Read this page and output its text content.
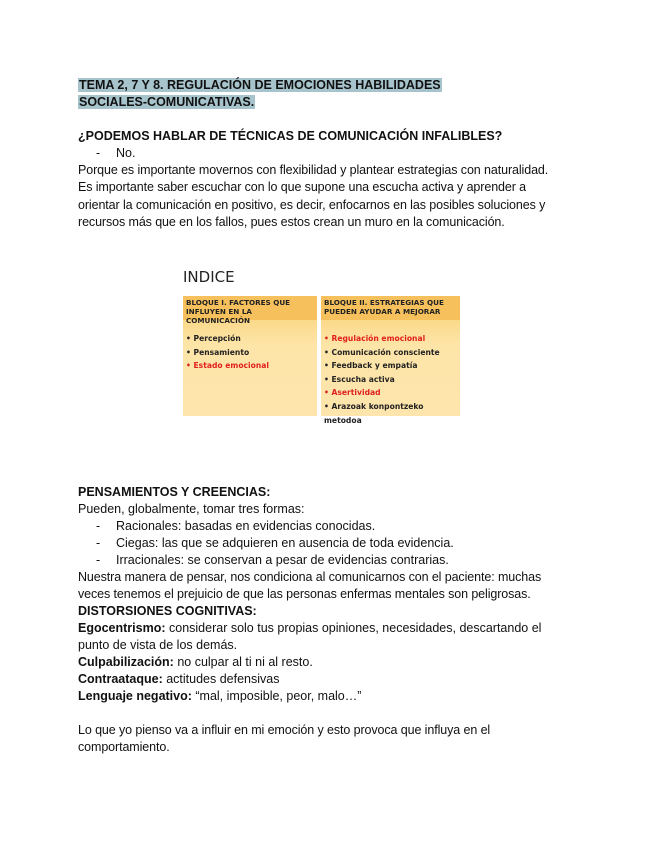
TEMA 2, 7 Y 8. REGULACIÓN DE EMOCIONES HABILIDADES
SOCIALES-COMUNICATIVAS.
¿PODEMOS HABLAR DE TÉCNICAS DE COMUNICACIÓN INFALIBLES?
- No.
Porque es importante movernos con flexibilidad y plantear estrategias con naturalidad.
Es importante saber escuchar con lo que supone una escucha activa y aprender a
orientar la comunicación en positivo, es decir, enfocarnos en las posibles soluciones y
recursos más que en los fallos, pues estos crean un muro en la comunicación.
INDICE
BLOQUE I. FACTORES QUE
INFLUYEN EN LA COMUNICACIÓN
• Percepción
• Pensamiento
• Estado emocional
BLOQUE II. ESTRATEGIAS QUE
PUEDEN AYUDAR A MEJORAR
• Regulación emocional
• Comunicación consciente
• Feedback y empatía
• Escucha activa
• Asertividad
• Arazoak konpontzeko metodoa
PENSAMIENTOS Y CREENCIAS:
Pueden, globalmente, tomar tres formas:
- Racionales: basadas en evidencias conocidas.
- Ciegas: las que se adquieren en ausencia de toda evidencia.
- Irracionales: se conservan a pesar de evidencias contrarias.
Nuestra manera de pensar, nos condiciona al comunicarnos con el paciente: muchas
veces tenemos el prejuicio de que las personas enfermas mentales son peligrosas.
DISTORSIONES COGNITIVAS:
Egocentrismo: considerar solo tus propias opiniones, necesidades, descartando el
punto de vista de los demás.
Culpabilización: no culpar al ti ni al resto.
Contraataque: actitudes defensivas
Lenguaje negativo: “mal, imposible, peor, malo…”
Lo que yo pienso va a influir en mi emoción y esto provoca que influya en el
comportamiento.
